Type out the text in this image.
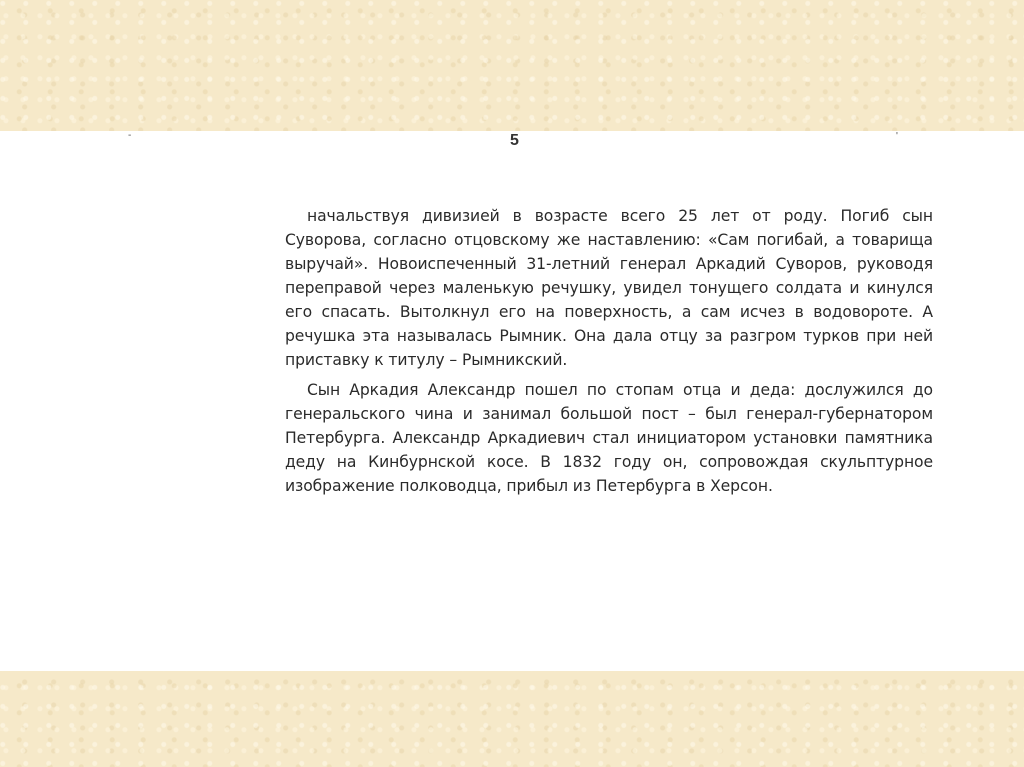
-	5	'

начальствуя дивизией в возрасте всего 25 лет от роду. Погиб сын Суворова, согласно отцовскому же наставлению: «Сам погибай, а товарища выручай». Новоиспеченный 31-летний генерал Аркадий Суворов, руководя переправой через маленькую речушку, увидел тонущего солдата и кинулся его спасать. Вытолкнул его на поверхность, а сам исчез в водовороте. А речушка эта называлась Рымник. Она дала отцу за разгром турков при ней приставку к титулу – Рымникский.

Сын Аркадия Александр пошел по стопам отца и деда: дослужился до генеральского чина и занимал большой пост – был генерал-губернатором Петербурга. Александр Аркадиевич стал инициатором установки памятника деду на Кинбурнской косе. В 1832 году он, сопровождая скульптурное изображение полководца, прибыл из Петербурга в Херсон.
